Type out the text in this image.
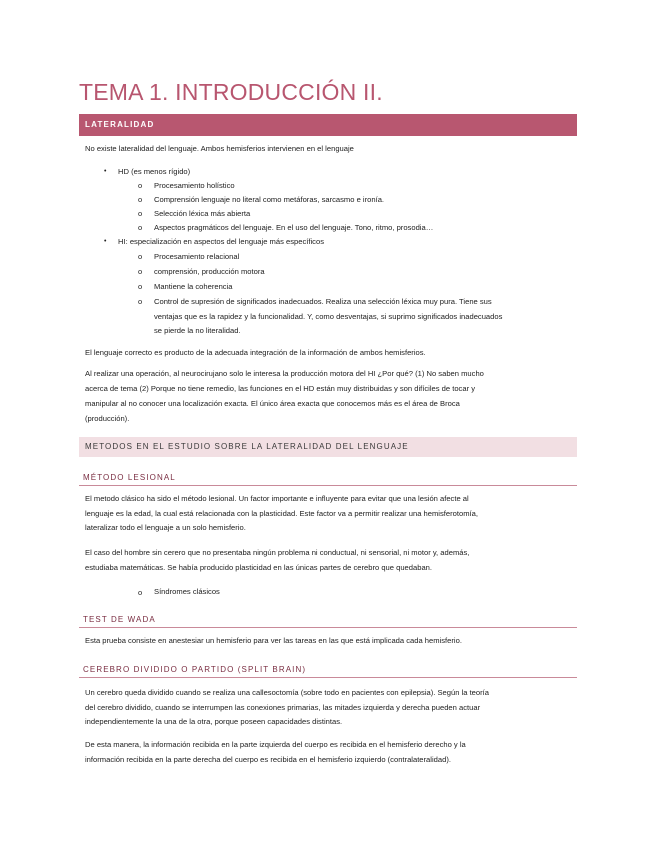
TEMA 1. INTRODUCCIÓN II.
LATERALIDAD
No existe lateralidad del lenguaje. Ambos hemisferios intervienen en el lenguaje
• HD (es menos rígido)
o Procesamiento holístico
o Comprensión lenguaje no literal como metáforas, sarcasmo e ironía.
o Selección léxica más abierta
o Aspectos pragmáticos del lenguaje. En el uso del lenguaje. Tono, ritmo, prosodia…
• HI: especialización en aspectos del lenguaje más específicos
o Procesamiento relacional
o comprensión, producción motora
o Mantiene la coherencia
o Control de supresión de significados inadecuados. Realiza una selección léxica muy pura. Tiene sus
ventajas que es la rapidez y la funcionalidad. Y, como desventajas, si suprimo significados inadecuados
se pierde la no literalidad.
El lenguaje correcto es producto de la adecuada integración de la información de ambos hemisferios.
Al realizar una operación, al neurocirujano solo le interesa la producción motora del HI ¿Por qué? (1) No saben mucho
acerca de tema (2) Porque no tiene remedio, las funciones en el HD están muy distribuidas y son difíciles de tocar y
manipular al no conocer una localización exacta. El único área exacta que conocemos más es el área de Broca
(producción).
METODOS EN EL ESTUDIO SOBRE LA LATERALIDAD DEL LENGUAJE
MÉTODO LESIONAL
El metodo clásico ha sido el método lesional. Un factor importante e influyente para evitar que una lesión afecte al
lenguaje es la edad, la cual está relacionada con la plasticidad. Este factor va a permitir realizar una hemisferotomía,
lateralizar todo el lenguaje a un solo hemisferio.
El caso del hombre sin cerero que no presentaba ningún problema ni conductual, ni sensorial, ni motor y, además,
estudiaba matemáticas. Se había producido plasticidad en las únicas partes de cerebro que quedaban.
o Síndromes clásicos
TEST DE WADA
Esta prueba consiste en anestesiar un hemisferio para ver las tareas en las que está implicada cada hemisferio.
CEREBRO DIVIDIDO O PARTIDO (SPLIT BRAIN)
Un cerebro queda dividido cuando se realiza una callesoctomía (sobre todo en pacientes con epilepsia). Según la teoría
del cerebro dividido, cuando se interrumpen las conexiones primarias, las mitades izquierda y derecha pueden actuar
independientemente la una de la otra, porque poseen capacidades distintas.
De esta manera, la información recibida en la parte izquierda del cuerpo es recibida en el hemisferio derecho y la
información recibida en la parte derecha del cuerpo es recibida en el hemisferio izquierdo (contralateralidad).
